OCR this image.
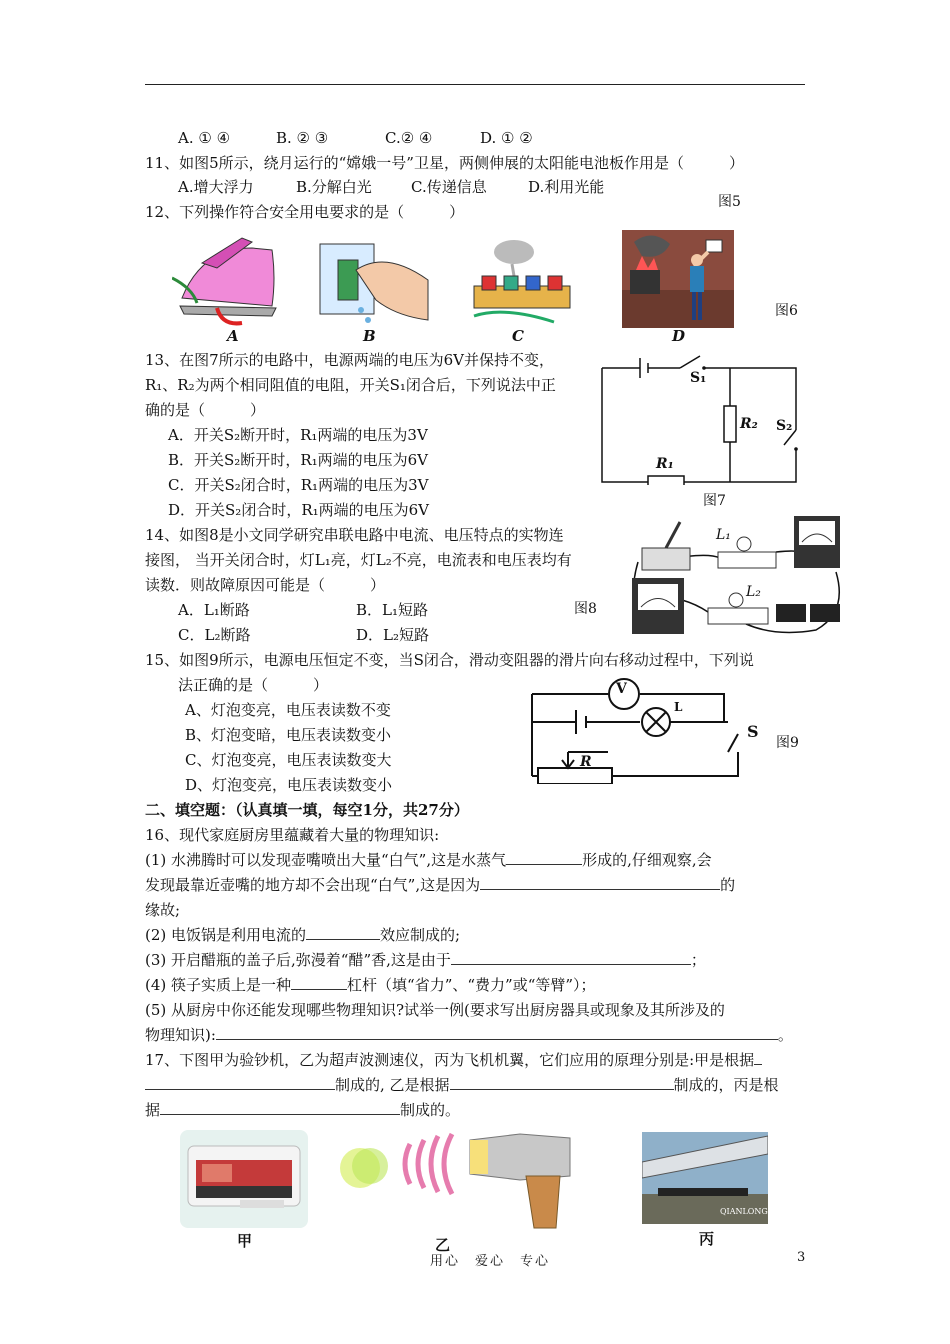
A. ① ④	B. ② ③	C.② ④	D. ① ②
11、如图5所示，绕月运行的“嫦娥一号”卫星，两侧伸展的太阳能电池板作用是（　　　）
A.增大浮力	B.分解白光	C.传递信息	D.利用光能
图5
12、下列操作符合安全用电要求的是（　　　）
A	B	C	D
图6
13、在图7所示的电路中，电源两端的电压为6V并保持不变，
R₁、R₂为两个相同阻值的电阻，开关S₁闭合后，下列说法中正
确的是（　　　）
A．开关S₂断开时，R₁两端的电压为3V
B．开关S₂断开时，R₁两端的电压为6V
C．开关S₂闭合时，R₁两端的电压为3V
D．开关S₂闭合时，R₁两端的电压为6V
S₁
R₂ S₂
R₁
图7
14、如图8是小文同学研究串联电路中电流、电压特点的实物连
接图， 当开关闭合时，灯L₁亮，灯L₂不亮，电流表和电压表均有
读数．则故障原因可能是（　　　）
A．L₁断路	B．L₁短路
C．L₂断路	D．L₂短路
图8
L₁
L₂
15、如图9所示，电源电压恒定不变，当S闭合，滑动变阻器的滑片向右移动过程中，下列说
法正确的是（　　　）
A、灯泡变亮，电压表读数不变
B、灯泡变暗，电压表读数变小
C、灯泡变亮，电压表读数变大
D、灯泡变亮，电压表读数变小
V
L
S
R
图9
二、填空题：（认真填一填，每空1分，共27分）
16、现代家庭厨房里蕴藏着大量的物理知识:
(1) 水沸腾时可以发现壶嘴喷出大量“白气”,这是水蒸气	形成的,仔细观察,会
发现最靠近壶嘴的地方却不会出现“白气”,这是因为	的
缘故;
(2) 电饭锅是利用电流的	效应制成的;
(3) 开启醋瓶的盖子后,弥漫着“醋”香,这是由于	；
(4) 筷子实质上是一种	杠杆（填“省力”、“费力”或“等臂”）；
(5) 从厨房中你还能发现哪些物理知识?试举一例(要求写出厨房器具或现象及其所涉及的
物理知识):	。
17、下图甲为验钞机，乙为超声波测速仪，丙为飞机机翼，它们应用的原理分别是:甲是根据
制成的, 乙是根据	制成的，丙是根
据	制成的。
甲	乙
QIANLONG
丙
用心　爱心　专心	3
